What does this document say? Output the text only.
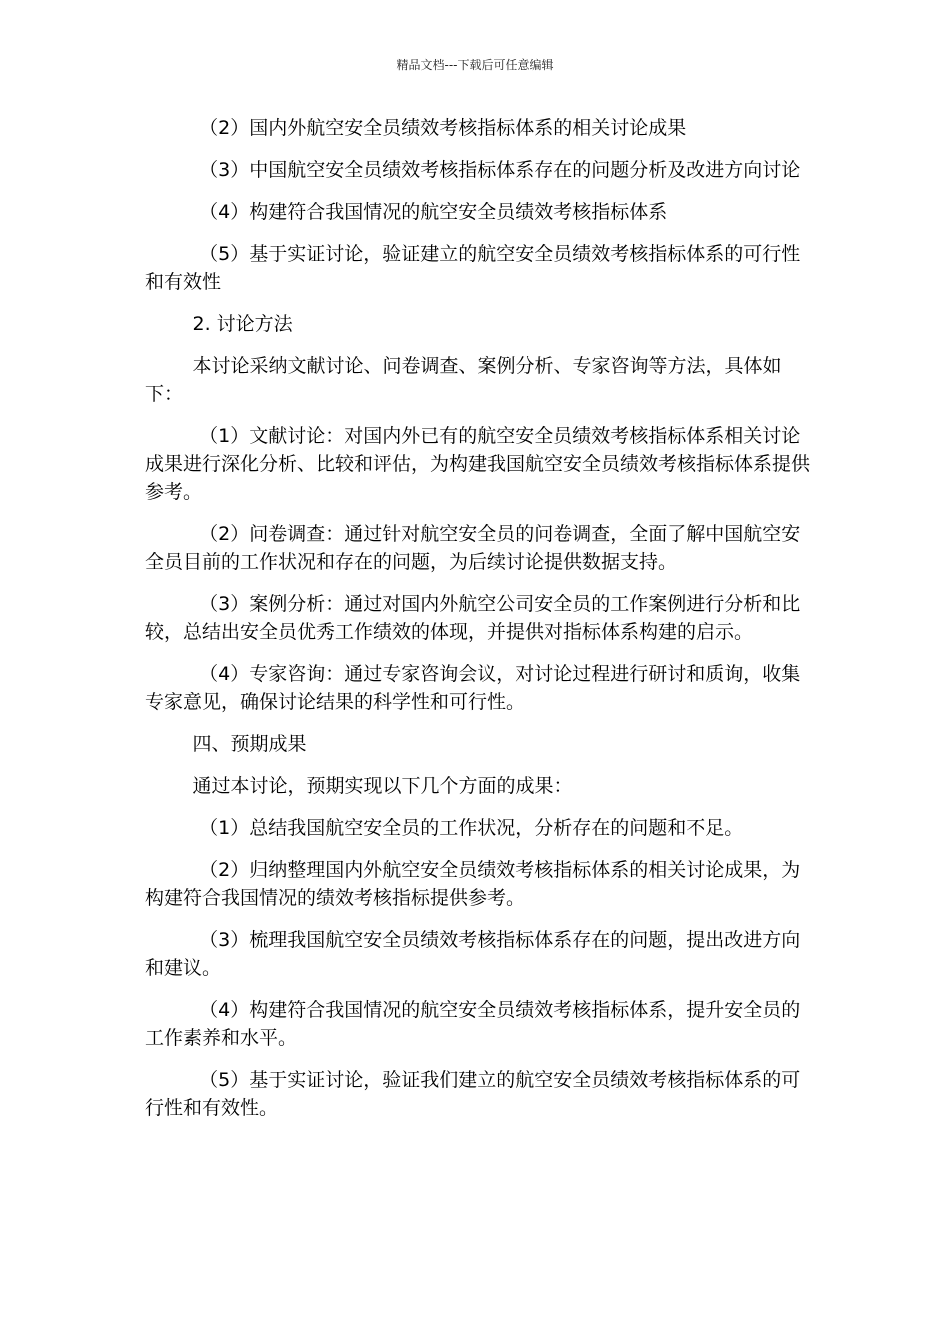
精品文档---下载后可任意编辑

（2）国内外航空安全员绩效考核指标体系的相关讨论成果

（3）中国航空安全员绩效考核指标体系存在的问题分析及改进方向讨论

（4）构建符合我国情况的航空安全员绩效考核指标体系

（5）基于实证讨论，验证建立的航空安全员绩效考核指标体系的可行性和有效性

2. 讨论方法

本讨论采纳文献讨论、问卷调查、案例分析、专家咨询等方法，具体如下：

（1）文献讨论：对国内外已有的航空安全员绩效考核指标体系相关讨论成果进行深化分析、比较和评估，为构建我国航空安全员绩效考核指标体系提供参考。

（2）问卷调查：通过针对航空安全员的问卷调查，全面了解中国航空安全员目前的工作状况和存在的问题，为后续讨论提供数据支持。

（3）案例分析：通过对国内外航空公司安全员的工作案例进行分析和比较，总结出安全员优秀工作绩效的体现，并提供对指标体系构建的启示。

（4）专家咨询：通过专家咨询会议，对讨论过程进行研讨和质询，收集专家意见，确保讨论结果的科学性和可行性。

四、预期成果

通过本讨论，预期实现以下几个方面的成果：

（1）总结我国航空安全员的工作状况，分析存在的问题和不足。

（2）归纳整理国内外航空安全员绩效考核指标体系的相关讨论成果，为构建符合我国情况的绩效考核指标提供参考。

（3）梳理我国航空安全员绩效考核指标体系存在的问题，提出改进方向和建议。

（4）构建符合我国情况的航空安全员绩效考核指标体系，提升安全员的工作素养和水平。

（5）基于实证讨论，验证我们建立的航空安全员绩效考核指标体系的可行性和有效性。
